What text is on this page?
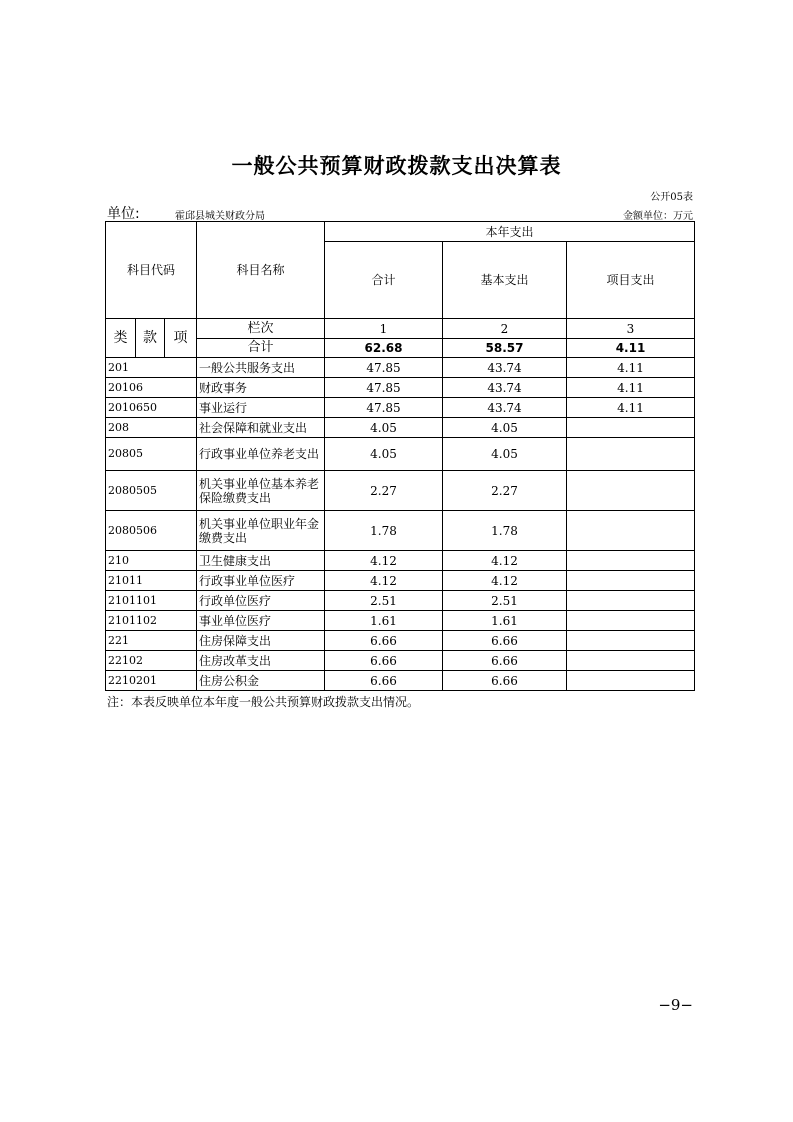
一般公共预算财政拨款支出决算表
公开05表
单位:	霍邱县城关财政分局	金额单位：万元
科目代码			科目名称	本年支出		
				合计	基本支出	项目支出
类	款	项	栏次	1	2	3
			合计	62.68	58.57	4.11
201			一般公共服务支出	47.85	43.74	4.11
20106			财政事务	47.85	43.74	4.11
2010650			事业运行	47.85	43.74	4.11
208			社会保障和就业支出	4.05	4.05	
20805			行政事业单位养老支出	4.05	4.05	
2080505			机关事业单位基本养老保险缴费支出	2.27	2.27	
2080506			机关事业单位职业年金缴费支出	1.78	1.78	
210			卫生健康支出	4.12	4.12	
21011			行政事业单位医疗	4.12	4.12	
2101101			行政单位医疗	2.51	2.51	
2101102			事业单位医疗	1.61	1.61	
221			住房保障支出	6.66	6.66	
22102			住房改革支出	6.66	6.66	
2210201			住房公积金	6.66	6.66	
注：本表反映单位本年度一般公共预算财政拨款支出情况。
−9−
